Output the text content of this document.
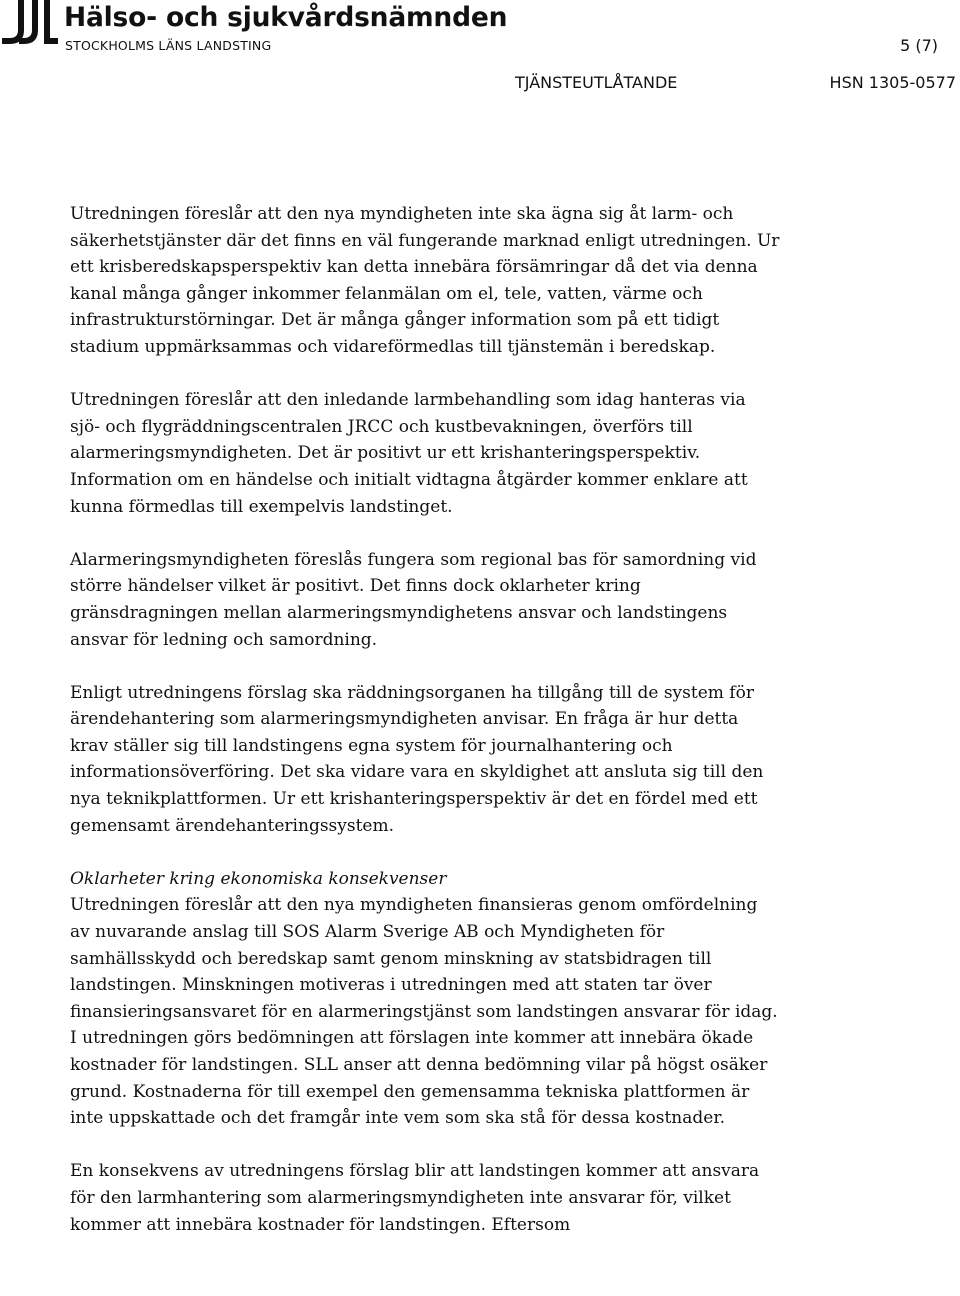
Hälso- och sjukvårdsnämnden
STOCKHOLMS LÄNS LANDSTING	5 (7)
TJÄNSTEUTLÅTANDE	HSN 1305-0577

Utredningen föreslår att den nya myndigheten inte ska ägna sig åt larm- och säkerhetstjänster där det finns en väl fungerande marknad enligt utredningen. Ur ett krisberedskapsperspektiv kan detta innebära försämringar då det via denna kanal många gånger inkommer felanmälan om el, tele, vatten, värme och infrastrukturstörningar. Det är många gånger information som på ett tidigt stadium uppmärksammas och vidareförmedlas till tjänstemän i beredskap.

Utredningen föreslår att den inledande larmbehandling som idag hanteras via sjö- och flygräddningscentralen JRCC och kustbevakningen, överförs till alarmeringsmyndigheten. Det är positivt ur ett krishanteringsperspektiv. Information om en händelse och initialt vidtagna åtgärder kommer enklare att kunna förmedlas till exempelvis landstinget.

Alarmeringsmyndigheten föreslås fungera som regional bas för samordning vid större händelser vilket är positivt. Det finns dock oklarheter kring gränsdragningen mellan alarmeringsmyndighetens ansvar och landstingens ansvar för ledning och samordning.

Enligt utredningens förslag ska räddningsorganen ha tillgång till de system för ärendehantering som alarmeringsmyndigheten anvisar. En fråga är hur detta krav ställer sig till landstingens egna system för journalhantering och informationsöverföring. Det ska vidare vara en skyldighet att ansluta sig till den nya teknikplattformen. Ur ett krishanteringsperspektiv är det en fördel med ett gemensamt ärendehanteringssystem.

Oklarheter kring ekonomiska konsekvenser

Utredningen föreslår att den nya myndigheten finansieras genom omfördelning av nuvarande anslag till SOS Alarm Sverige AB och Myndigheten för samhällsskydd och beredskap samt genom minskning av statsbidragen till landstingen. Minskningen motiveras i utredningen med att staten tar över finansieringsansvaret för en alarmeringstjänst som landstingen ansvarar för idag. I utredningen görs bedömningen att förslagen inte kommer att innebära ökade kostnader för landstingen. SLL anser att denna bedömning vilar på högst osäker grund. Kostnaderna för till exempel den gemensamma tekniska plattformen är inte uppskattade och det framgår inte vem som ska stå för dessa kostnader.

En konsekvens av utredningens förslag blir att landstingen kommer att ansvara för den larmhantering som alarmeringsmyndigheten inte ansvarar för, vilket kommer att innebära kostnader för landstingen. Eftersom
